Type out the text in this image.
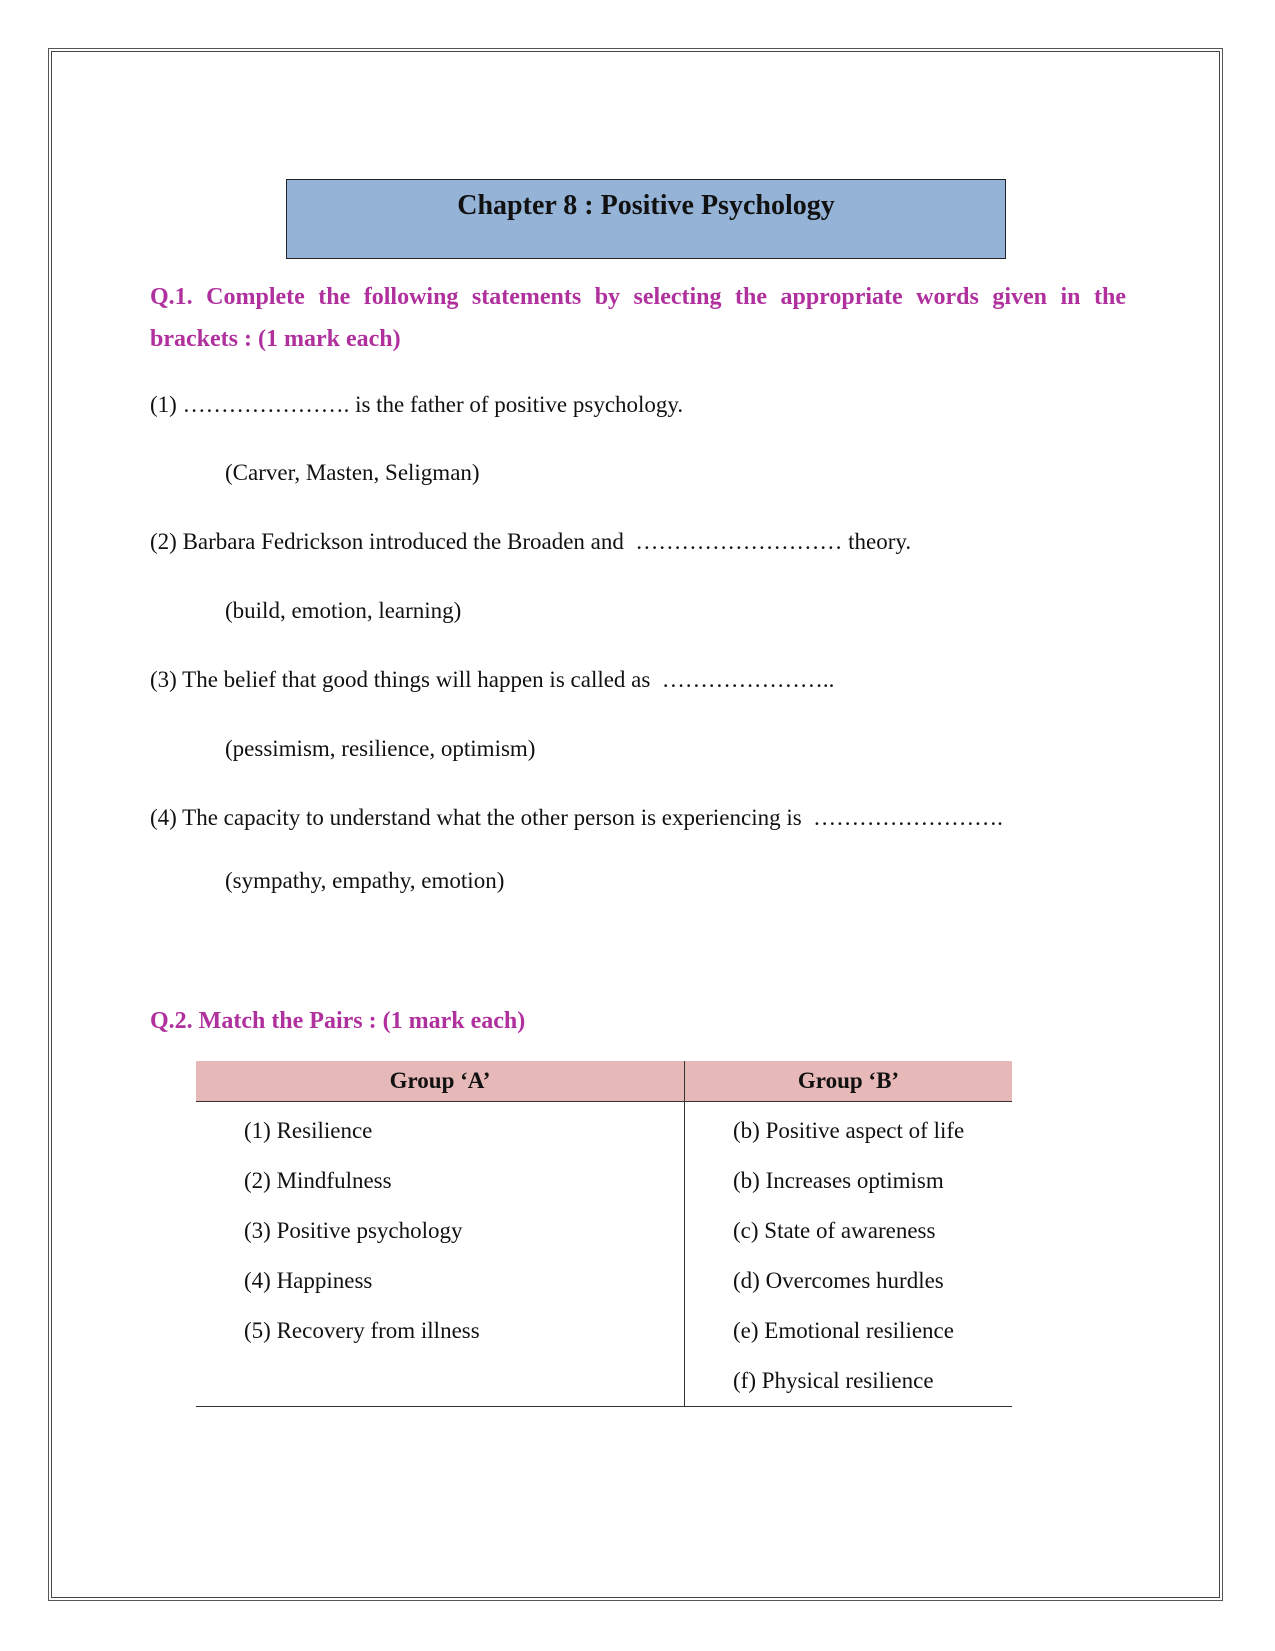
Chapter 8 : Positive Psychology
Q.1. Complete the following statements by selecting the appropriate words given in the
brackets : (1 mark each)
(1) …………………. is the father of positive psychology.
(Carver, Masten, Seligman)
(2) Barbara Fedrickson introduced the Broaden and  ……………………… theory.
(build, emotion, learning)
(3) The belief that good things will happen is called as  …………………..
(pessimism, resilience, optimism)
(4) The capacity to understand what the other person is experiencing is  …………………….
(sympathy, empathy, emotion)
Q.2. Match the Pairs : (1 mark each)
Group ‘A’	Group ‘B’
(1) Resilience	(b) Positive aspect of life
(2) Mindfulness	(b) Increases optimism
(3) Positive psychology	(c) State of awareness
(4) Happiness	(d) Overcomes hurdles
(5) Recovery from illness	(e) Emotional resilience
	(f) Physical resilience
